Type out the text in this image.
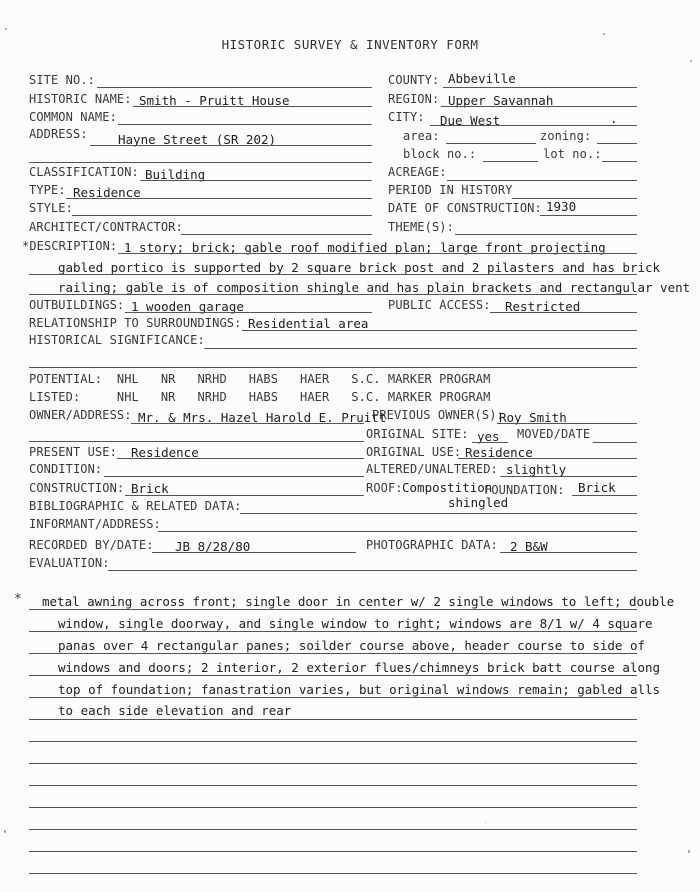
HISTORIC SURVEY & INVENTORY FORM
SITE NO.:
HISTORIC NAME: Smith - Pruitt House
COMMON NAME:
ADDRESS: Hayne Street (SR 202)
CLASSIFICATION: Building
TYPE: Residence
STYLE:
ARCHITECT/CONTRACTOR:
COUNTY: Abbeville
REGION: Upper Savannah
CITY: Due West	.
area:	zoning:
block no.:	lot no.:
ACREAGE:
PERIOD IN HISTORY
DATE OF CONSTRUCTION: 1930
THEME(S):
*DESCRIPTION: 1 story; brick; gable roof modified plan; large front projecting
gabled portico is supported by 2 square brick post and 2 pilasters and has brick
railing; gable is of composition shingle and has plain brackets and rectangular vent
OUTBUILDINGS: 1 wooden garage	PUBLIC ACCESS: Restricted
RELATIONSHIP TO SURROUNDINGS: Residential area
HISTORICAL SIGNIFICANCE:
POTENTIAL:  NHL   NR   NRHD   HABS   HAER   S.C. MARKER PROGRAM
LISTED:     NHL   NR   NRHD   HABS   HAER   S.C. MARKER PROGRAM
OWNER/ADDRESS: Mr. & Mrs. Hazel Harold E. Pruitt
PREVIOUS OWNER(S):
Roy Smith
ORIGINAL SITE: yes MOVED/DATE
PRESENT USE: Residence	ORIGINAL USE: Residence
CONDITION:	ALTERED/UNALTERED: slightly
CONSTRUCTION: Brick	ROOF: Compostition
shingled
FOUNDATION: Brick
BIBLIOGRAPHIC & RELATED DATA:
INFORMANT/ADDRESS:
RECORDED BY/DATE: JB 8/28/80	PHOTOGRAPHIC DATA: 2 B&W
EVALUATION:
* metal awning across front; single door in center w/ 2 single windows to left; double
window, single doorway, and single window to right; windows are 8/1 w/ 4 square
panas over 4 rectangular panes; soilder course above, header course to side of
windows and doors; 2 interior, 2 exterior flues/chimneys brick batt course along
top of foundation; fanastration varies, but original windows remain; gabled alls
to each side elevation and rear
